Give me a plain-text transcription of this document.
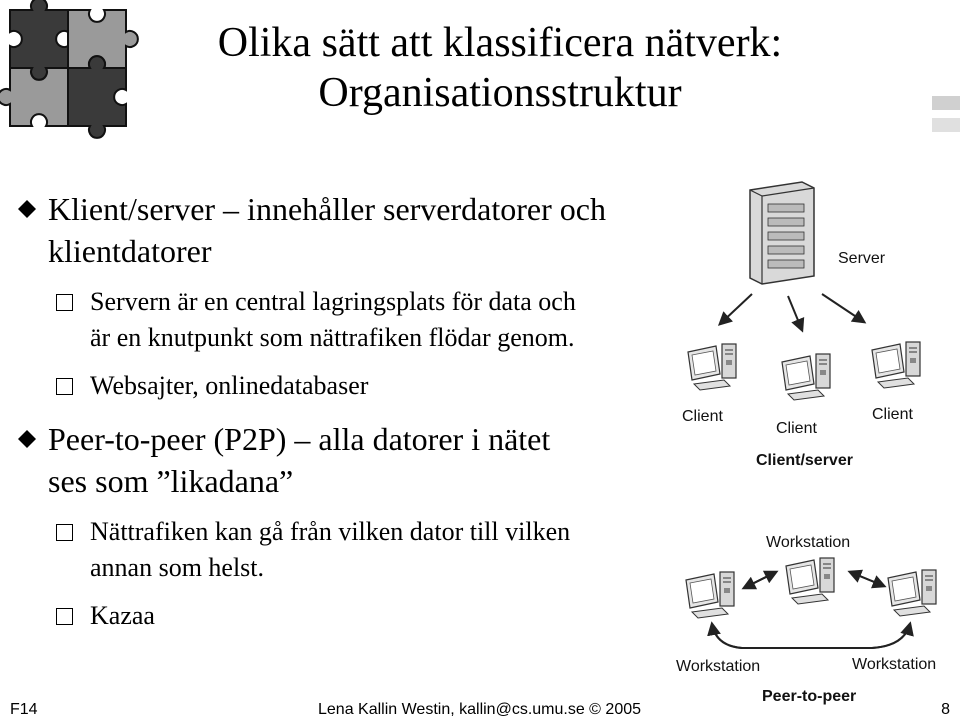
Olika sätt att klassificera nätverk:
Organisationsstruktur
Klient/server – innehåller serverdatorer och
klientdatorer
Servern är en central lagringsplats för data och
är en knutpunkt som nättrafiken flödar genom.
Websajter, onlinedatabaser
Peer-to-peer (P2P) – alla datorer i nätet
ses som ”likadana”
Nättrafiken kan gå från vilken dator till vilken
annan som helst.
Kazaa
Server
Client
Client
Client
Client/server
Workstation
Workstation	Workstation
Peer-to-peer
F14	Lena Kallin Westin, kallin@cs.umu.se © 2005	8
